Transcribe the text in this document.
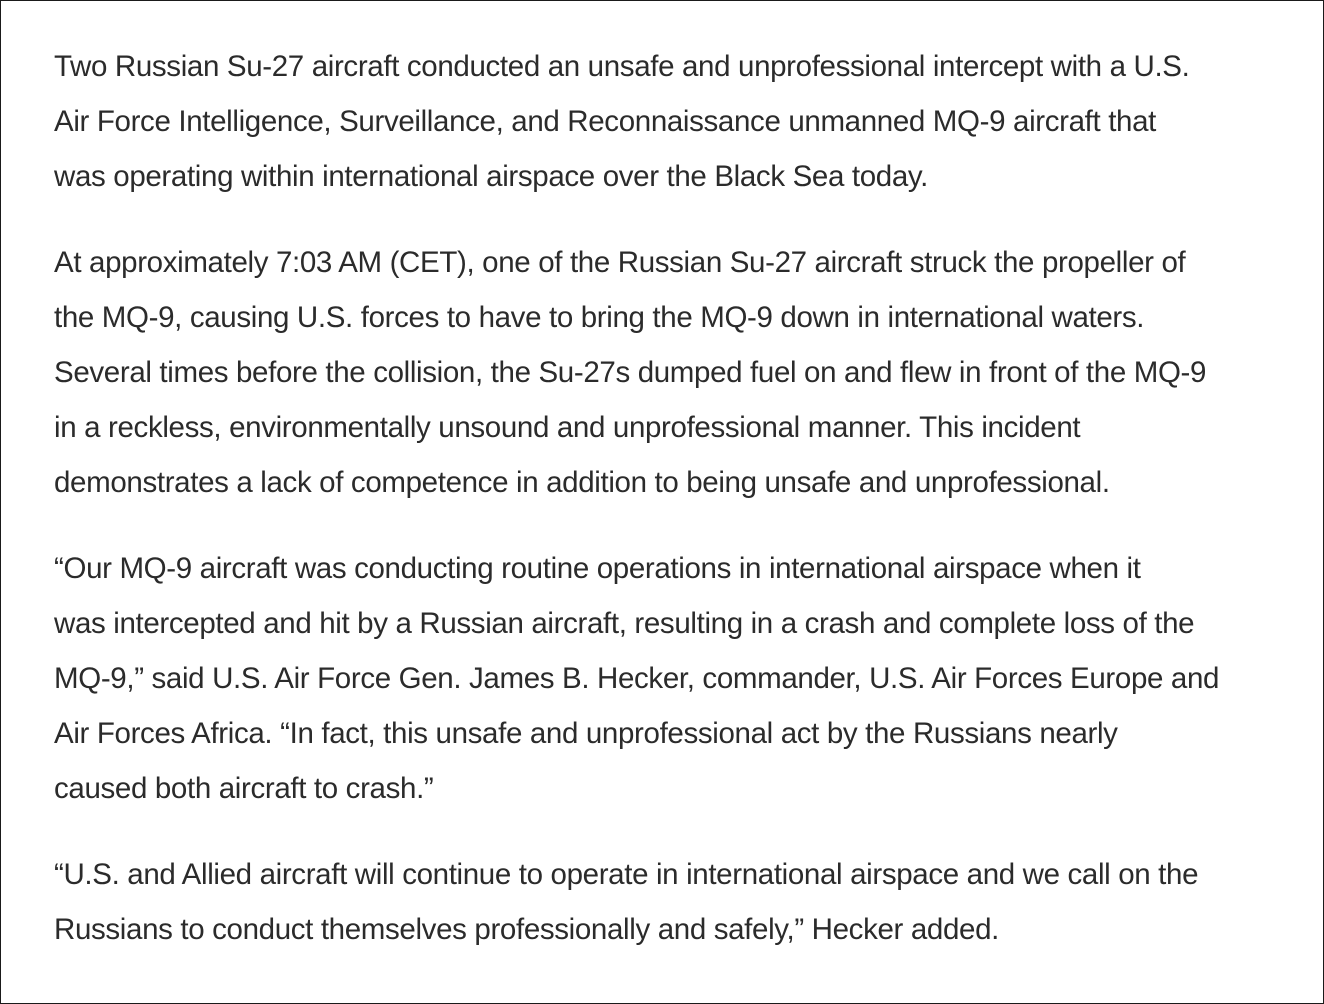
Two Russian Su-27 aircraft conducted an unsafe and unprofessional intercept with a U.S.
Air Force Intelligence, Surveillance, and Reconnaissance unmanned MQ-9 aircraft that
was operating within international airspace over the Black Sea today.

At approximately 7:03 AM (CET), one of the Russian Su-27 aircraft struck the propeller of
the MQ-9, causing U.S. forces to have to bring the MQ-9 down in international waters.
Several times before the collision, the Su-27s dumped fuel on and flew in front of the MQ-9
in a reckless, environmentally unsound and unprofessional manner. This incident
demonstrates a lack of competence in addition to being unsafe and unprofessional.

“Our MQ-9 aircraft was conducting routine operations in international airspace when it
was intercepted and hit by a Russian aircraft, resulting in a crash and complete loss of the
MQ-9,” said U.S. Air Force Gen. James B. Hecker, commander, U.S. Air Forces Europe and
Air Forces Africa. “In fact, this unsafe and unprofessional act by the Russians nearly
caused both aircraft to crash.”

“U.S. and Allied aircraft will continue to operate in international airspace and we call on the
Russians to conduct themselves professionally and safely,” Hecker added.
